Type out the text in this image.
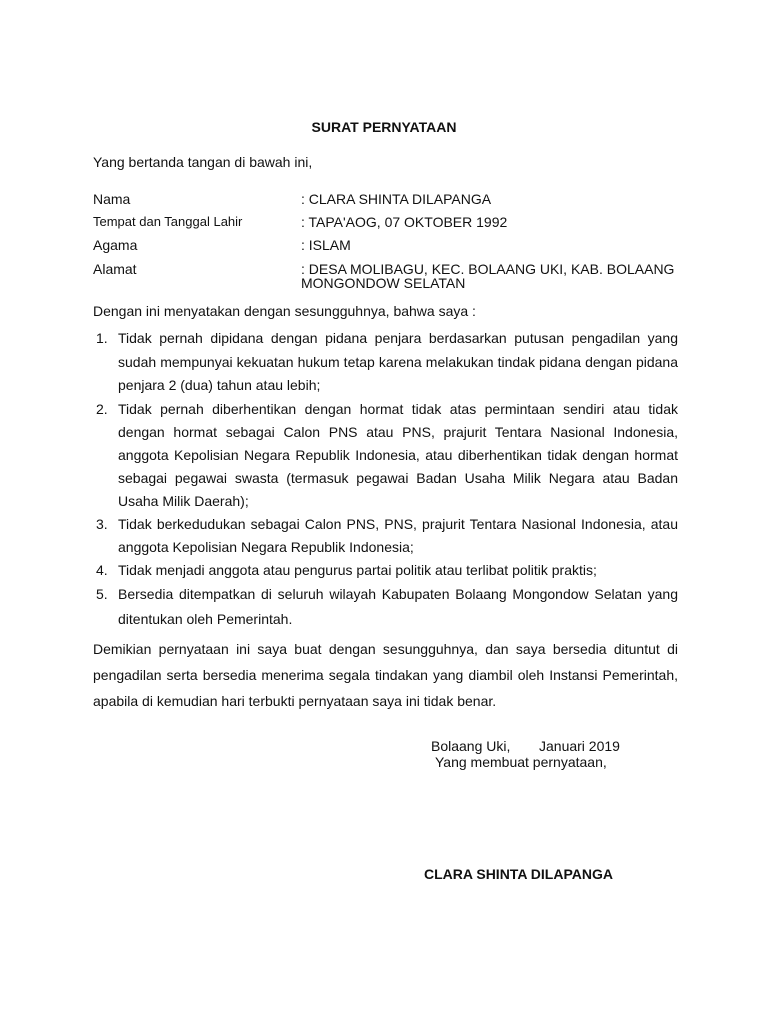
SURAT PERNYATAAN
Yang bertanda tangan di bawah ini,
Nama	: CLARA SHINTA DILAPANGA
Tempat dan Tanggal Lahir	: TAPA'AOG, 07 OKTOBER 1992
Agama	: ISLAM
Alamat	: DESA MOLIBAGU, KEC. BOLAANG UKI, KAB. BOLAANG
MONGONDOW SELATAN
Dengan ini menyatakan dengan sesungguhnya, bahwa saya :
1. Tidak pernah dipidana dengan pidana penjara berdasarkan putusan pengadilan yang sudah mempunyai kekuatan hukum tetap karena melakukan tindak pidana dengan pidana penjara 2 (dua) tahun atau lebih;
2. Tidak pernah diberhentikan dengan hormat tidak atas permintaan sendiri atau tidak dengan hormat sebagai Calon PNS atau PNS, prajurit Tentara Nasional Indonesia, anggota Kepolisian Negara Republik Indonesia, atau diberhentikan tidak dengan hormat sebagai pegawai swasta (termasuk pegawai Badan Usaha Milik Negara atau Badan Usaha Milik Daerah);
3. Tidak berkedudukan sebagai Calon PNS, PNS, prajurit Tentara Nasional Indonesia, atau anggota Kepolisian Negara Republik Indonesia;
4. Tidak menjadi anggota atau pengurus partai politik atau terlibat politik praktis;
5. Bersedia ditempatkan di seluruh wilayah Kabupaten Bolaang Mongondow Selatan yang ditentukan oleh Pemerintah.
Demikian pernyataan ini saya buat dengan sesungguhnya, dan saya bersedia dituntut di pengadilan serta bersedia menerima segala tindakan yang diambil oleh Instansi Pemerintah, apabila di kemudian hari terbukti pernyataan saya ini tidak benar.
Bolaang Uki, Januari 2019
Yang membuat pernyataan,
CLARA SHINTA DILAPANGA
